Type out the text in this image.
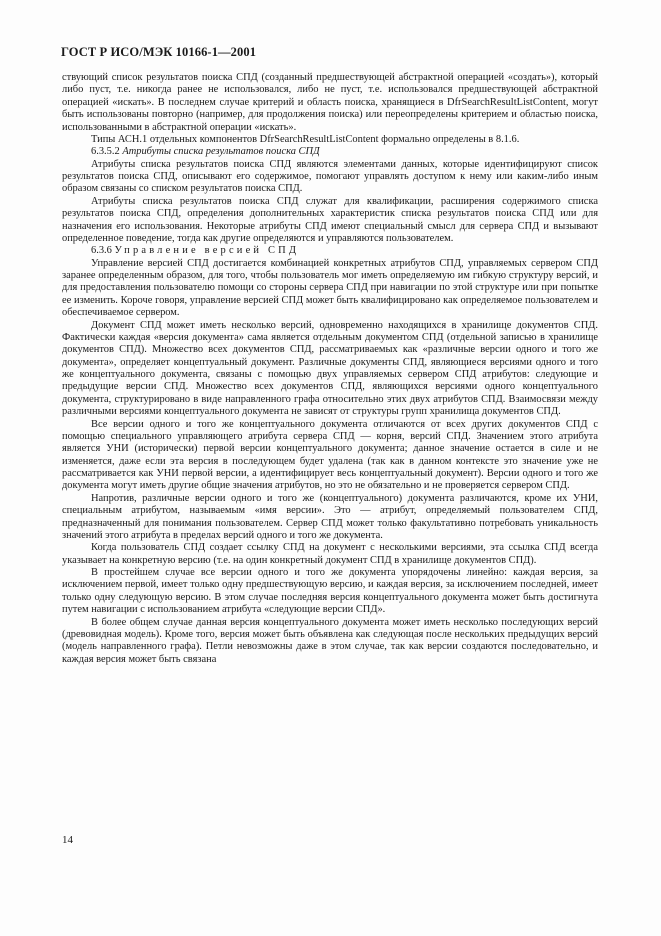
ГОСТ Р ИСО/МЭК 10166-1—2001

ствующий список результатов поиска СПД (созданный предшествующей абстрактной операцией «создать»), который либо пуст, т.е. никогда ранее не использовался, либо не пуст, т.е. использовался предшествующей абстрактной операцией «искать». В последнем случае критерий и область поиска, хранящиеся в DfrSearchResultListContent, могут быть использованы повторно (например, для продолжения поиска) или переопределены критерием и областью поиска, использованными в абстрактной операции «искать».

Типы АСН.1 отдельных компонентов DfrSearchResultListContent формально определены в 8.1.6.

6.3.5.2 Атрибуты списка результатов поиска СПД

Атрибуты списка результатов поиска СПД являются элементами данных, которые идентифицируют список результатов поиска СПД, описывают его содержимое, помогают управлять доступом к нему или каким-либо иным образом связаны со списком результатов поиска СПД.

Атрибуты списка результатов поиска СПД служат для квалификации, расширения содержимого списка результатов поиска СПД, определения дополнительных характеристик списка результатов поиска СПД или для назначения его использования. Некоторые атрибуты СПД имеют специальный смысл для сервера СПД и вызывают определенное поведение, тогда как другие определяются и управляются пользователем.

6.3.6 Управление версией СПД

Управление версией СПД достигается комбинацией конкретных атрибутов СПД, управляемых сервером СПД заранее определенным образом, для того, чтобы пользователь мог иметь определяемую им гибкую структуру версий, и для предоставления пользователю помощи со стороны сервера СПД при навигации по этой структуре или при попытке ее изменить. Короче говоря, управление версией СПД может быть квалифицировано как определяемое пользователем и обеспечиваемое сервером.

Документ СПД может иметь несколько версий, одновременно находящихся в хранилище документов СПД. Фактически каждая «версия документа» сама является отдельным документом СПД (отдельной записью в хранилище документов СПД). Множество всех документов СПД, рассматриваемых как «различные версии одного и того же документа», определяет концептуальный документ. Различные документы СПД, являющиеся версиями одного и того же концептуального документа, связаны с помощью двух управляемых сервером СПД атрибутов: следующие и предыдущие версии СПД. Множество всех документов СПД, являющихся версиями одного концептуального документа, структурировано в виде направленного графа относительно этих двух атрибутов СПД. Взаимосвязи между различными версиями концептуального документа не зависят от структуры групп хранилища документов СПД.

Все версии одного и того же концептуального документа отличаются от всех других документов СПД с помощью специального управляющего атрибута сервера СПД — корня, версий СПД. Значением этого атрибута является УНИ (исторически) первой версии концептуального документа; данное значение остается в силе и не изменяется, даже если эта версия в последующем будет удалена (так как в данном контексте это значение уже не рассматривается как УНИ первой версии, а идентифицирует весь концептуальный документ). Версии одного и того же документа могут иметь другие общие значения атрибутов, но это не обязательно и не проверяется сервером СПД.

Напротив, различные версии одного и того же (концептуального) документа различаются, кроме их УНИ, специальным атрибутом, называемым «имя версии». Это — атрибут, определяемый пользователем СПД, предназначенный для понимания пользователем. Сервер СПД может только факультативно потребовать уникальность значений этого атрибута в пределах версий одного и того же документа.

Когда пользователь СПД создает ссылку СПД на документ с несколькими версиями, эта ссылка СПД всегда указывает на конкретную версию (т.е. на один конкретный документ СПД в хранилище документов СПД).

В простейшем случае все версии одного и того же документа упорядочены линейно: каждая версия, за исключением первой, имеет только одну предшествующую версию, и каждая версия, за исключением последней, имеет только одну следующую версию. В этом случае последняя версия концептуального документа может быть достигнута путем навигации с использованием атрибута «следующие версии СПД».

В более общем случае данная версия концептуального документа может иметь несколько последующих версий (древовидная модель). Кроме того, версия может быть объявлена как следующая после нескольких предыдущих версий (модель направленного графа). Петли невозможны даже в этом случае, так как версии создаются последовательно, и каждая версия может быть связана

14
